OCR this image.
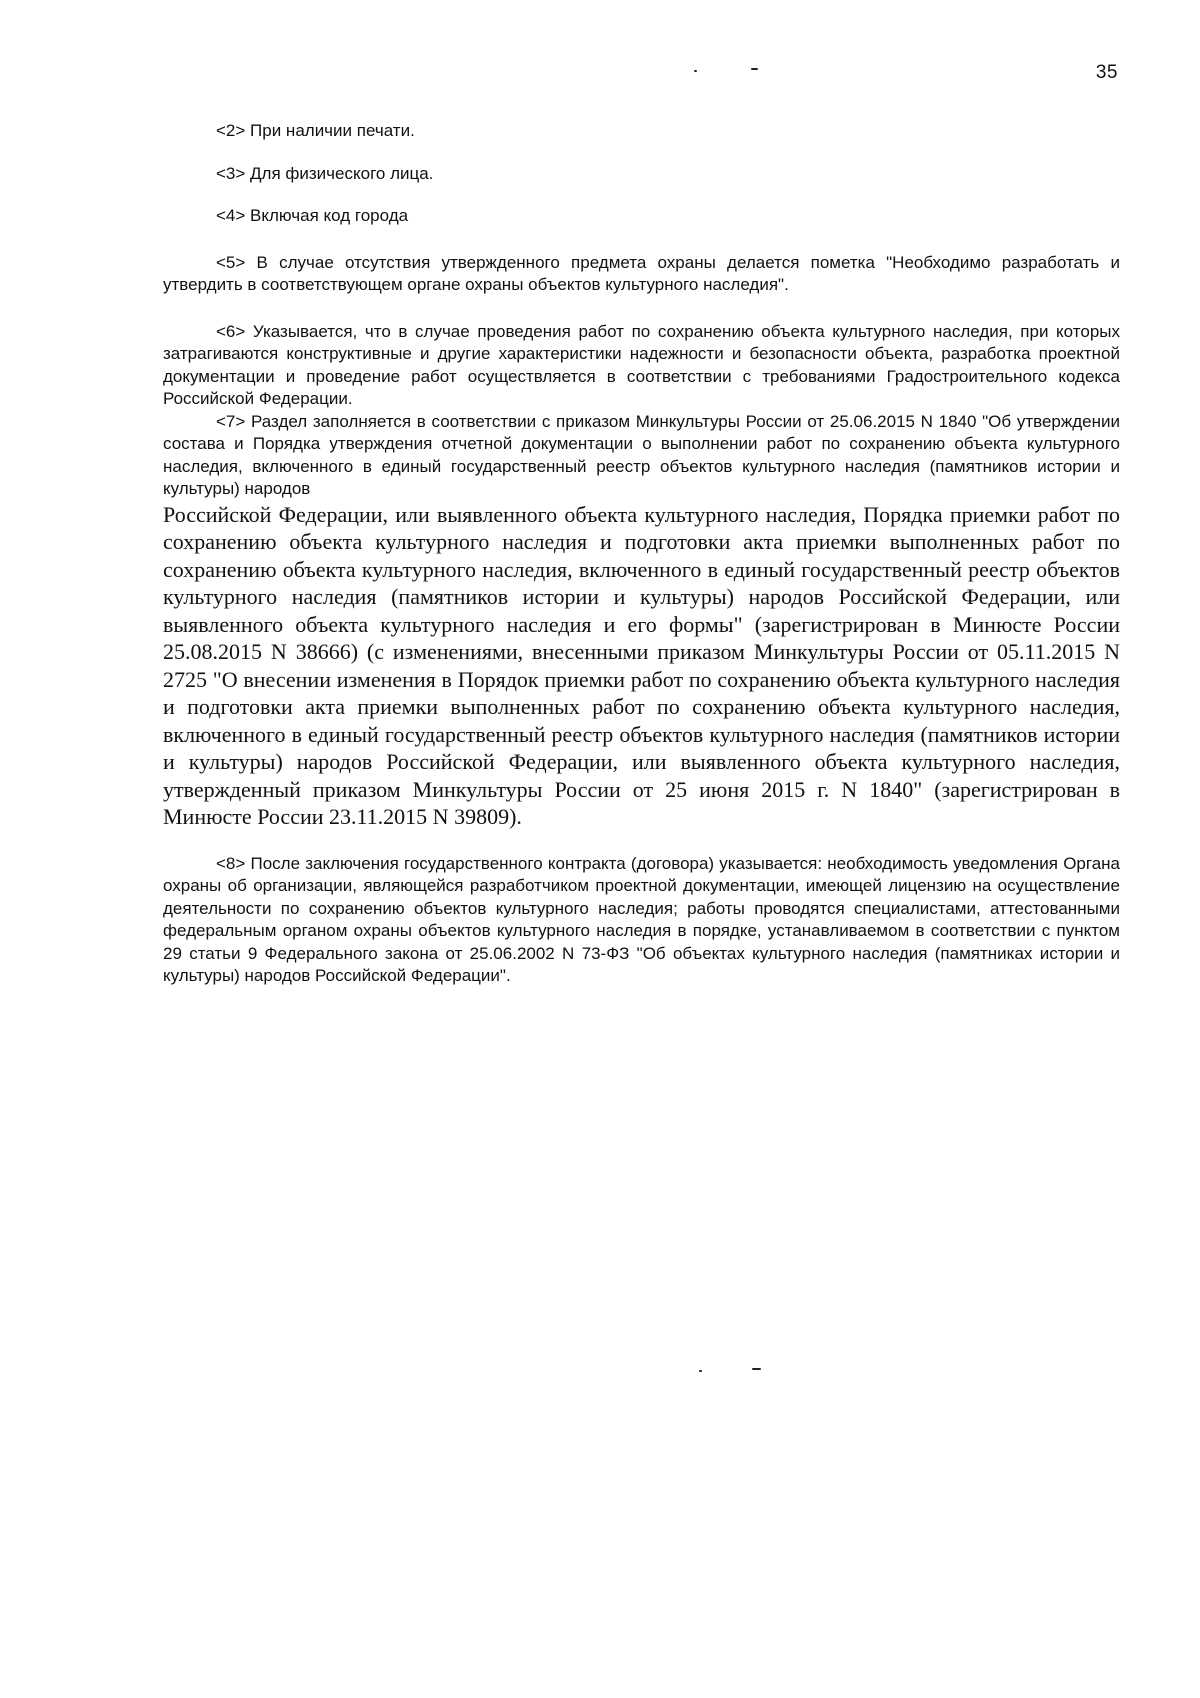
35

<2> При наличии печати.

<3> Для физического лица.

<4> Включая код города

<5> В случае отсутствия утвержденного предмета охраны делается пометка "Необходимо разработать и утвердить в соответствующем органе охраны объектов культурного наследия".

<6> Указывается, что в случае проведения работ по сохранению объекта культурного наследия, при которых затрагиваются конструктивные и другие характеристики надежности и безопасности объекта, разработка проектной документации и проведение работ осуществляется в соответствии с требованиями Градостроительного кодекса Российской Федерации.

<7> Раздел заполняется в соответствии с приказом Минкультуры России от 25.06.2015 N 1840 "Об утверждении состава и Порядка утверждения отчетной документации о выполнении работ по сохранению объекта культурного наследия, включенного в единый государственный реестр объектов культурного наследия (памятников истории и культуры) народов

Российской Федерации, или выявленного объекта культурного наследия, Порядка приемки работ по сохранению объекта культурного наследия и подготовки акта приемки выполненных работ по сохранению объекта культурного наследия, включенного в единый государственный реестр объектов культурного наследия (памятников истории и культуры) народов Российской Федерации, или выявленного объекта культурного наследия и его формы" (зарегистрирован в Минюсте России 25.08.2015 N 38666) (с изменениями, внесенными приказом Минкультуры России от 05.11.2015 N 2725 "О внесении изменения в Порядок приемки работ по сохранению объекта культурного наследия и подготовки акта приемки выполненных работ по сохранению объекта культурного наследия, включенного в единый государственный реестр объектов культурного наследия (памятников истории и культуры) народов Российской Федерации, или выявленного объекта культурного наследия, утвержденный приказом Минкультуры России от 25 июня 2015 г. N 1840" (зарегистрирован в Минюсте России 23.11.2015 N 39809).

<8> После заключения государственного контракта (договора) указывается: необходимость уведомления Органа охраны об организации, являющейся разработчиком проектной документации, имеющей лицензию на осуществление деятельности по сохранению объектов культурного наследия; работы проводятся специалистами, аттестованными федеральным органом охраны объектов культурного наследия в порядке, устанавливаемом в соответствии с пунктом 29 статьи 9 Федерального закона от 25.06.2002 N 73-ФЗ "Об объектах культурного наследия (памятниках истории и культуры) народов Российской Федерации".
